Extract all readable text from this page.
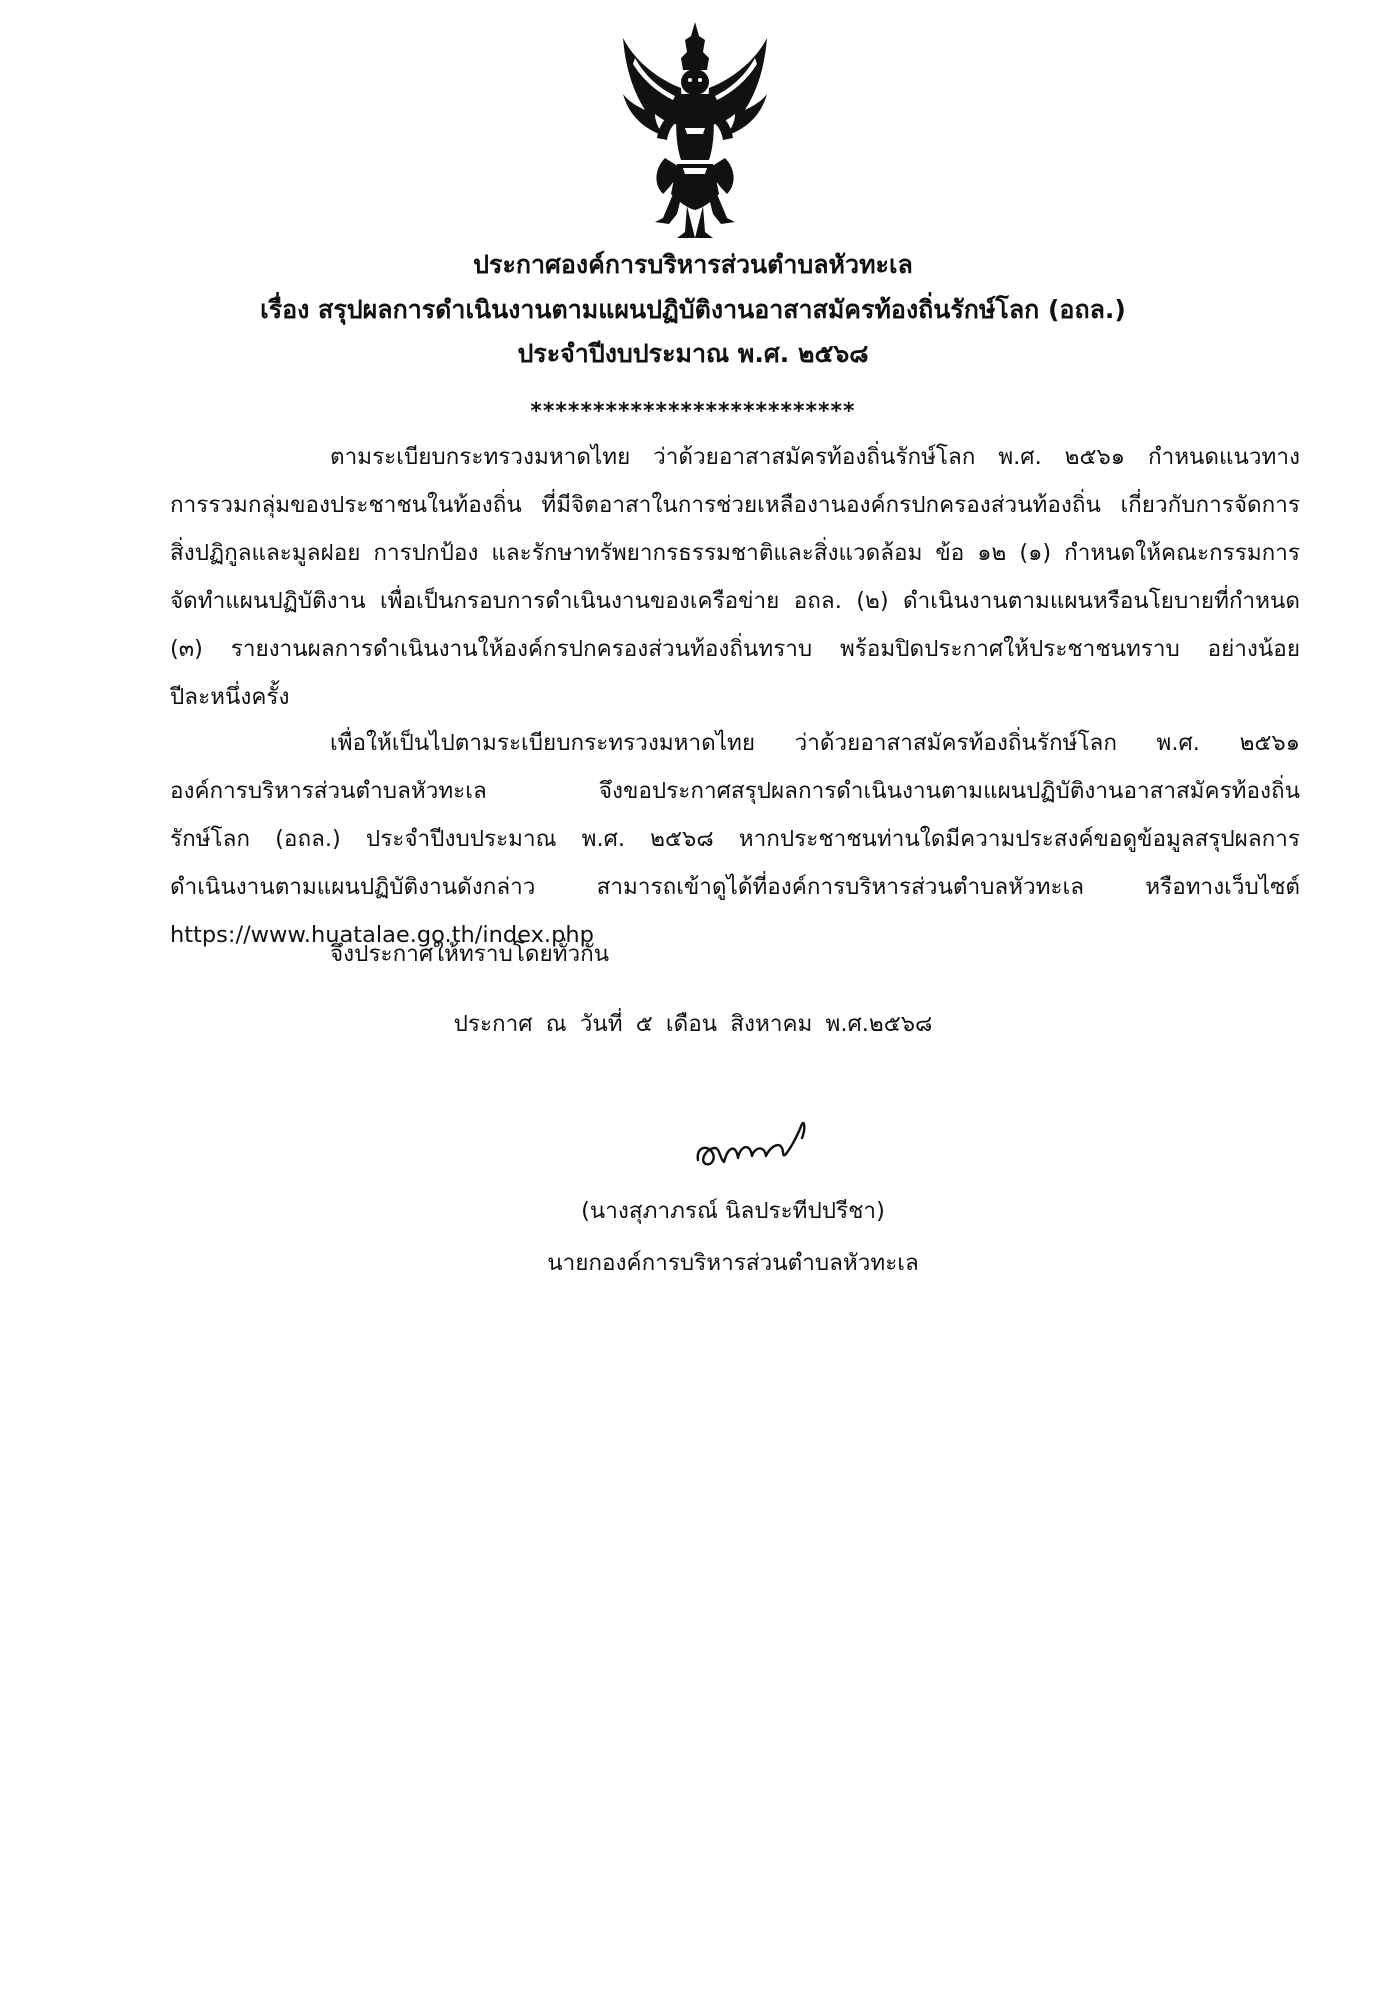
ประกาศองค์การบริหารส่วนตำบลหัวทะเล
เรื่อง สรุปผลการดำเนินงานตามแผนปฏิบัติงานอาสาสมัครท้องถิ่นรักษ์โลก (อถล.)
ประจำปีงบประมาณ พ.ศ. ๒๕๖๘
**************************
ตามระเบียบกระทรวงมหาดไทย ว่าด้วยอาสาสมัครท้องถิ่นรักษ์โลก พ.ศ. ๒๕๖๑ กำหนดแนวทาง
การรวมกลุ่มของประชาชนในท้องถิ่น ที่มีจิตอาสาในการช่วยเหลืองานองค์กรปกครองส่วนท้องถิ่น เกี่ยวกับการจัดการ
สิ่งปฏิกูลและมูลฝอย การปกป้อง และรักษาทรัพยากรธรรมชาติและสิ่งแวดล้อม ข้อ ๑๒ (๑) กำหนดให้คณะกรรมการ
จัดทำแผนปฏิบัติงาน เพื่อเป็นกรอบการดำเนินงานของเครือข่าย อถล. (๒) ดำเนินงานตามแผนหรือนโยบายที่กำหนด
(๓) รายงานผลการดำเนินงานให้องค์กรปกครองส่วนท้องถิ่นทราบ พร้อมปิดประกาศให้ประชาชนทราบ อย่างน้อย
ปีละหนึ่งครั้ง
เพื่อให้เป็นไปตามระเบียบกระทรวงมหาดไทย ว่าด้วยอาสาสมัครท้องถิ่นรักษ์โลก พ.ศ. ๒๕๖๑
องค์การบริหารส่วนตำบลหัวทะเล จึงขอประกาศสรุปผลการดำเนินงานตามแผนปฏิบัติงานอาสาสมัครท้องถิ่น
รักษ์โลก (อถล.) ประจำปีงบประมาณ พ.ศ. ๒๕๖๘ หากประชาชนท่านใดมีความประสงค์ขอดูข้อมูลสรุปผลการ
ดำเนินงานตามแผนปฏิบัติงานดังกล่าว สามารถเข้าดูได้ที่องค์การบริหารส่วนตำบลหัวทะเล หรือทางเว็บไซต์
https://www.huatalae.go.th/index.php
จึงประกาศให้ทราบโดยทั่วกัน
ประกาศ ณ วันที่ ๕ เดือน สิงหาคม พ.ศ.๒๕๖๘
(นางสุภาภรณ์ นิลประทีปปรีชา)
นายกองค์การบริหารส่วนตำบลหัวทะเล
